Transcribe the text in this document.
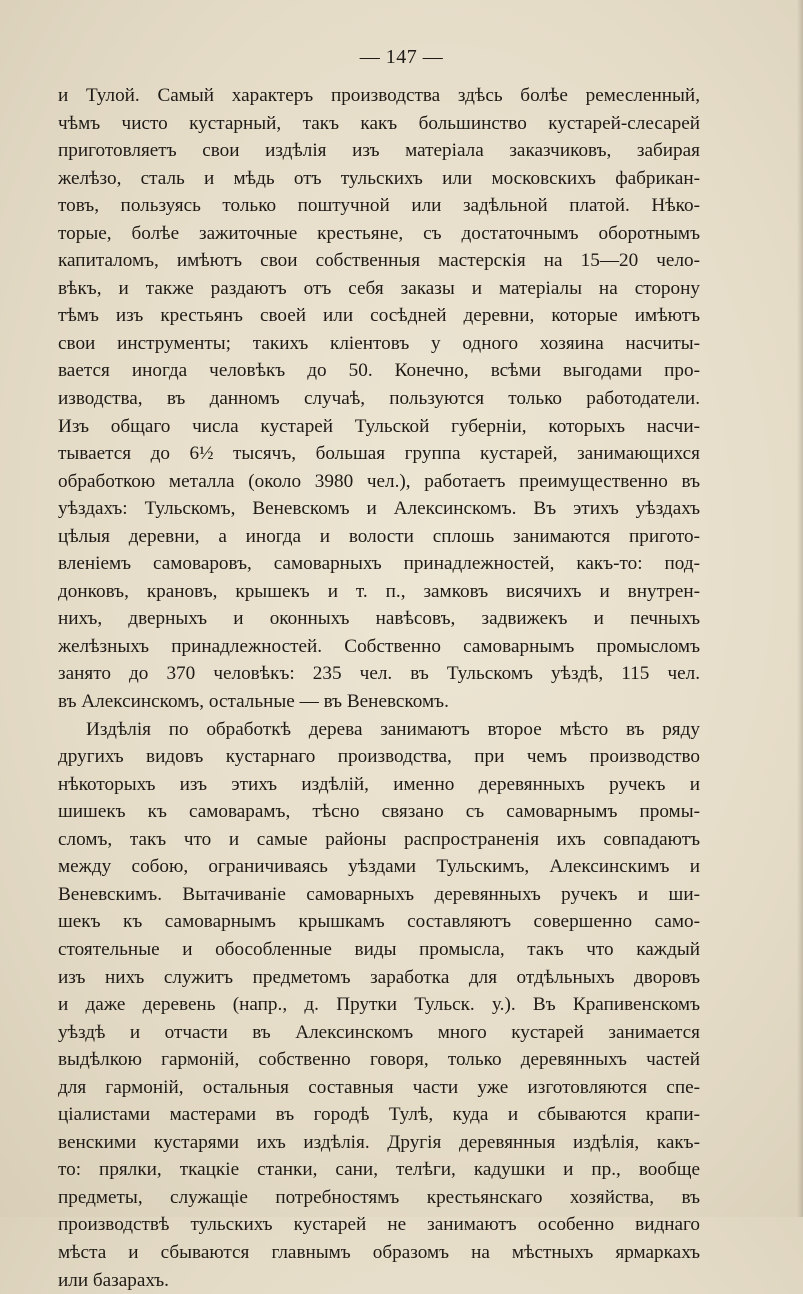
— 147 —
и Тулой. Самый характеръ производства здѣсь болѣе ремесленный,
чѣмъ чисто кустарный, такъ какъ большинство кустарей-слесарей
приготовляетъ свои издѣлія изъ матеріала заказчиковъ, забирая
желѣзо, сталь и мѣдь отъ тульскихъ или московскихъ фабрикан-
товъ, пользуясь только поштучной или задѣльной платой. Нѣко-
торые, болѣе зажиточные крестьяне, съ достаточнымъ оборотнымъ
капиталомъ, имѣютъ свои собственныя мастерскія на 15—20 чело-
вѣкъ, и также раздаютъ отъ себя заказы и матеріалы на сторону
тѣмъ изъ крестьянъ своей или сосѣдней деревни, которые имѣютъ
свои инструменты; такихъ кліентовъ у одного хозяина насчиты-
вается иногда человѣкъ до 50. Конечно, всѣми выгодами про-
изводства, въ данномъ случаѣ, пользуются только работодатели.
Изъ общаго числа кустарей Тульской губерніи, которыхъ насчи-
тывается до 6½ тысячъ, большая группа кустарей, занимающихся
обработкою металла (около 3980 чел.), работаетъ преимущественно въ
уѣздахъ: Тульскомъ, Веневскомъ и Алексинскомъ. Въ этихъ уѣздахъ
цѣлыя деревни, а иногда и волости сплошь занимаются пригото-
вленіемъ самоваровъ, самоварныхъ принадлежностей, какъ-то: под-
донковъ, крановъ, крышекъ и т. п., замковъ висячихъ и внутрен-
нихъ, дверныхъ и оконныхъ навѣсовъ, задвижекъ и печныхъ
желѣзныхъ принадлежностей. Собственно самоварнымъ промысломъ
занято до 370 человѣкъ: 235 чел. въ Тульскомъ уѣздѣ, 115 чел.
въ Алексинскомъ, остальные — въ Веневскомъ.
Издѣлія по обработкѣ дерева занимаютъ второе мѣсто въ ряду
другихъ видовъ кустарнаго производства, при чемъ производство
нѣкоторыхъ изъ этихъ издѣлій, именно деревянныхъ ручекъ и
шишекъ къ самоварамъ, тѣсно связано съ самоварнымъ промы-
сломъ, такъ что и самые районы распространенія ихъ совпадаютъ
между собою, ограничиваясь уѣздами Тульскимъ, Алексинскимъ и
Веневскимъ. Вытачиваніе самоварныхъ деревянныхъ ручекъ и ши-
шекъ къ самоварнымъ крышкамъ составляютъ совершенно само-
стоятельные и обособленные виды промысла, такъ что каждый
изъ нихъ служитъ предметомъ заработка для отдѣльныхъ дворовъ
и даже деревень (напр., д. Прутки Тульск. у.). Въ Крапивенскомъ
уѣздѣ и отчасти въ Алексинскомъ много кустарей занимается
выдѣлкою гармоній, собственно говоря, только деревянныхъ частей
для гармоній, остальныя составныя части уже изготовляются спе-
ціалистами мастерами въ городѣ Тулѣ, куда и сбываются крапи-
венскими кустарями ихъ издѣлія. Другія деревянныя издѣлія, какъ-
то: прялки, ткацкіе станки, сани, телѣги, кадушки и пр., вообще
предметы, служащіе потребностямъ крестьянскаго хозяйства, въ
производствѣ тульскихъ кустарей не занимаютъ особенно виднаго
мѣста и сбываются главнымъ образомъ на мѣстныхъ ярмаркахъ
или базарахъ.
